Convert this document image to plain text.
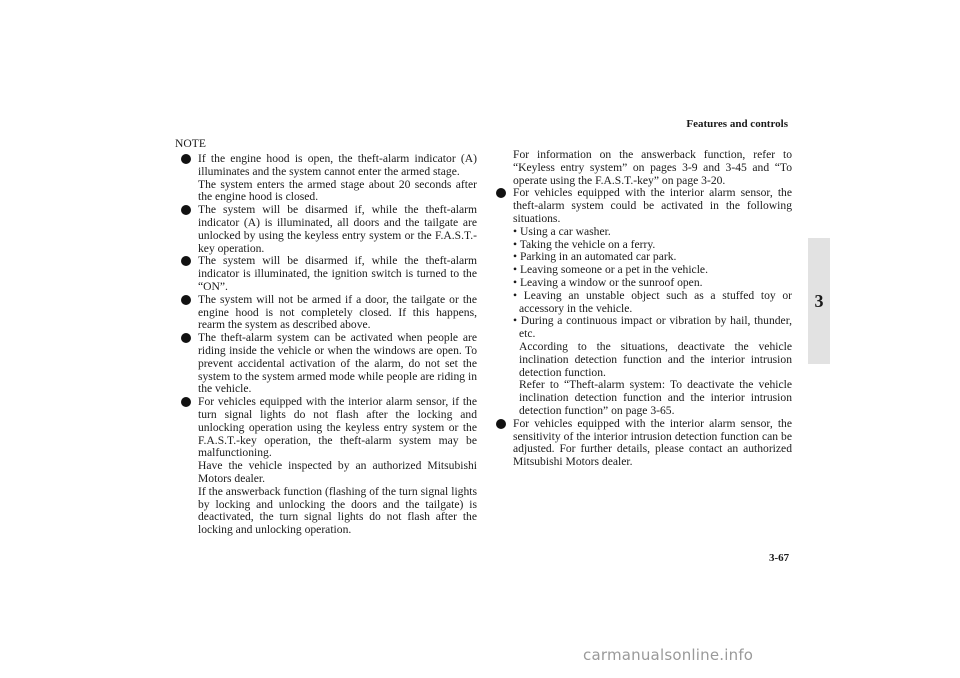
Features and controls
3
NOTE
If the engine hood is open, the theft-alarm indicator (A) illuminates and the system cannot enter the armed stage.

The system enters the armed stage about 20 seconds after the engine hood is closed.

The system will be disarmed if, while the theft-alarm indicator (A) is illuminated, all doors and the tailgate are unlocked by using the keyless entry system or the F.A.S.T.-key operation.
The system will be disarmed if, while the theft-alarm indicator is illuminated, the ignition switch is turned to the “ON”.
The system will not be armed if a door, the tailgate or the engine hood is not completely closed. If this happens, rearm the system as described above.
The theft-alarm system can be activated when people are riding inside the vehicle or when the windows are open. To prevent accidental activation of the alarm, do not set the system to the system armed mode while people are riding in the vehicle.
For vehicles equipped with the interior alarm sensor, if the turn signal lights do not flash after the locking and unlocking operation using the keyless entry system or the F.A.S.T.-key operation, the theft-alarm system may be malfunctioning.

Have the vehicle inspected by an authorized Mitsubishi Motors dealer.

If the answerback function (flashing of the turn signal lights by locking and unlocking the doors and the tailgate) is deactivated, the turn signal lights do not flash after the locking and unlocking operation.

For information on the answerback function, refer to “Keyless entry system” on pages 3-9 and 3-45 and “To operate using the F.A.S.T.-key” on page 3-20.

For vehicles equipped with the interior alarm sensor, the theft-alarm system could be activated in the following situations.

• Using a car washer.

• Taking the vehicle on a ferry.

• Parking in an automated car park.

• Leaving someone or a pet in the vehicle.

• Leaving a window or the sunroof open.

• Leaving an unstable object such as a stuffed toy or accessory in the vehicle.

• During a continuous impact or vibration by hail, thunder, etc.

According to the situations, deactivate the vehicle inclination detection function and the interior intrusion detection function.

Refer to “Theft-alarm system: To deactivate the vehicle inclination detection function and the interior intrusion detection function” on page 3-65.

For vehicles equipped with the interior alarm sensor, the sensitivity of the interior intrusion detection function can be adjusted. For further details, please contact an authorized Mitsubishi Motors dealer.
3-67
carmanualsonline.info
